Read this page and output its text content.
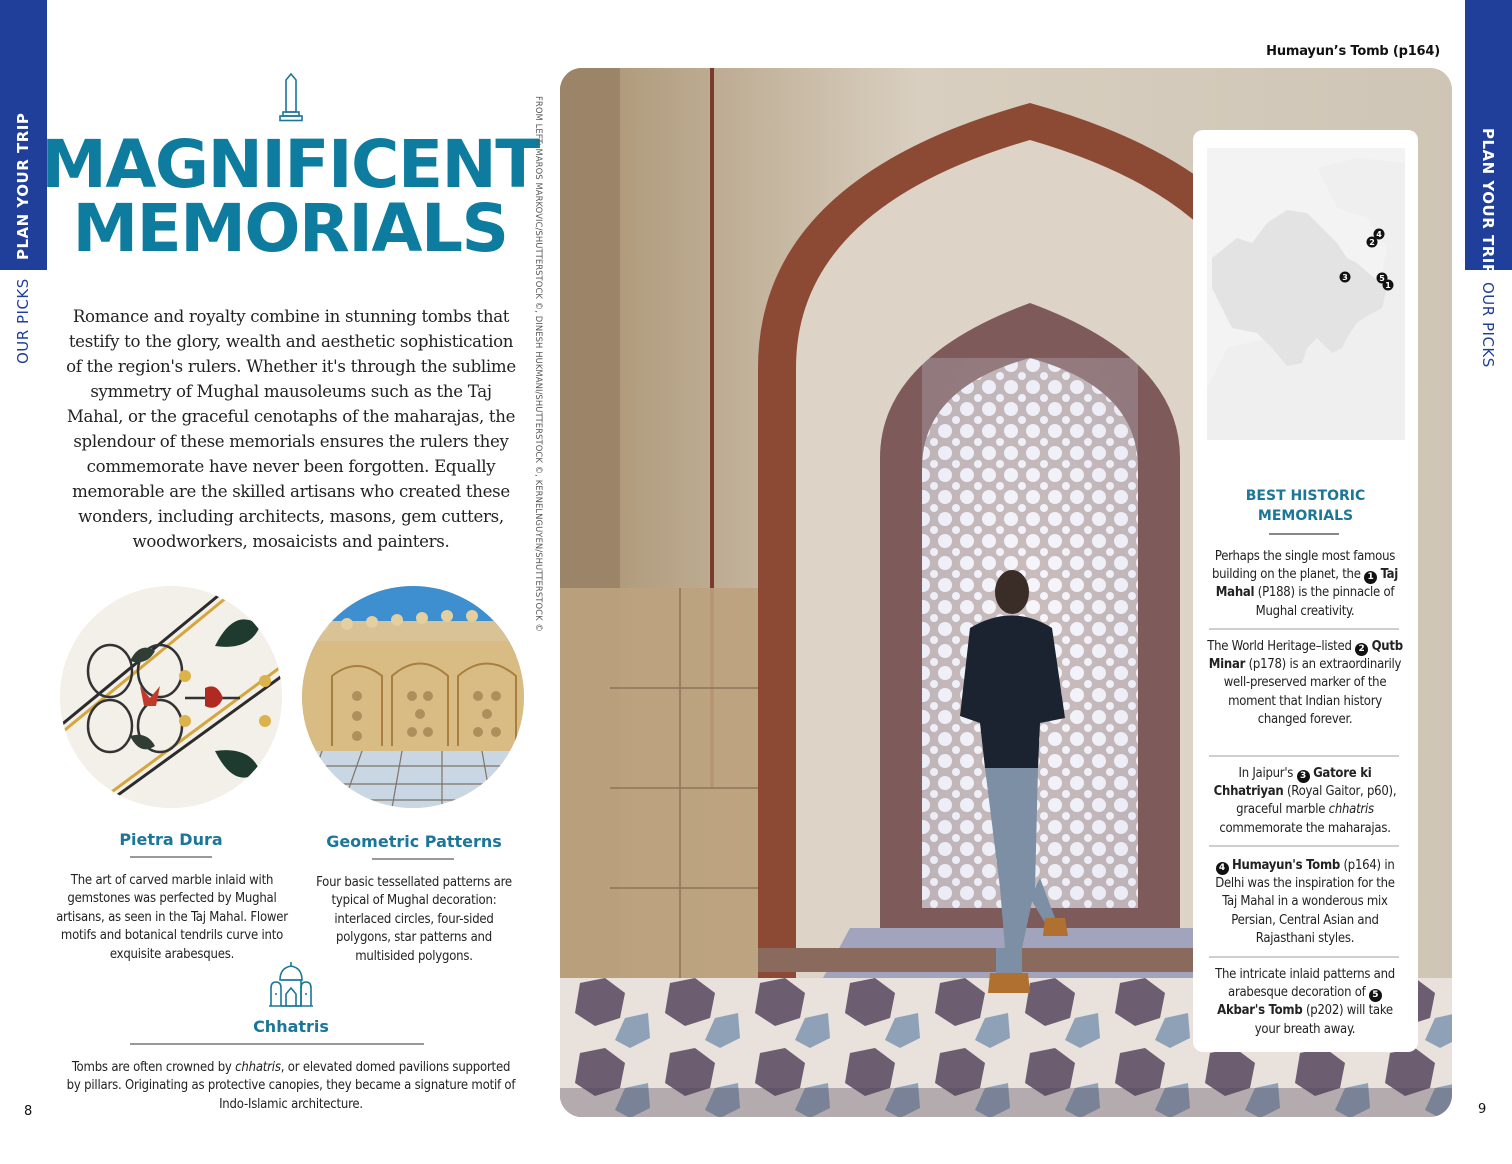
PLAN YOUR TRIP
OUR PICKS
PLAN YOUR TRIP
OUR PICKS
MAGNIFICENT
MEMORIALS

Romance and royalty combine in stunning tombs that testify to the glory, wealth and aesthetic sophistication of the region's rulers. Whether it's through the sublime symmetry of Mughal mausoleums such as the Taj Mahal, or the graceful cenotaphs of the maharajas, the splendour of these memorials ensures the rulers they commemorate have never been forgotten. Equally memorable are the skilled artisans who created these wonders, including architects, masons, gem cutters, woodworkers, mosaicists and painters.

Pietra Dura

The art of carved marble inlaid with gemstones was perfected by Mughal artisans, as seen in the Taj Mahal. Flower motifs and botanical tendrils curve into exquisite arabesques.

Geometric Patterns

Four basic tessellated patterns are typical of Mughal decoration: interlaced circles, four-sided polygons, star patterns and multisided polygons.

Chhatris

Tombs are often crowned by chhatris, or elevated domed pavilions supported by pillars. Originating as protective canopies, they became a signature motif of Indo-Islamic architecture.

8	9
FROM LEFT: MAROS MARKOVIC/SHUTTERSTOCK ©, DINESH HUKMANI/SHUTTERSTOCK ©, KERNELNGUYEN/SHUTTERSTOCK ©
Humayun’s Tomb (p164)
1
2
3
4
5
BEST HISTORIC
MEMORIALS

Perhaps the single most famous building on the planet, the 1 Taj Mahal (P188) is the pinnacle of Mughal creativity.

The World Heritage–listed 2 Qutb Minar (p178) is an extraordinarily well-preserved marker of the moment that Indian history changed forever.

In Jaipur's 3 Gatore ki Chhatriyan (Royal Gaitor, p60), graceful marble chhatris commemorate the maharajas.

4 Humayun's Tomb (p164) in Delhi was the inspiration for the Taj Mahal in a wonderous mix Persian, Central Asian and Rajasthani styles.

The intricate inlaid patterns and arabesque decoration of 5 Akbar's Tomb (p202) will take your breath away.
